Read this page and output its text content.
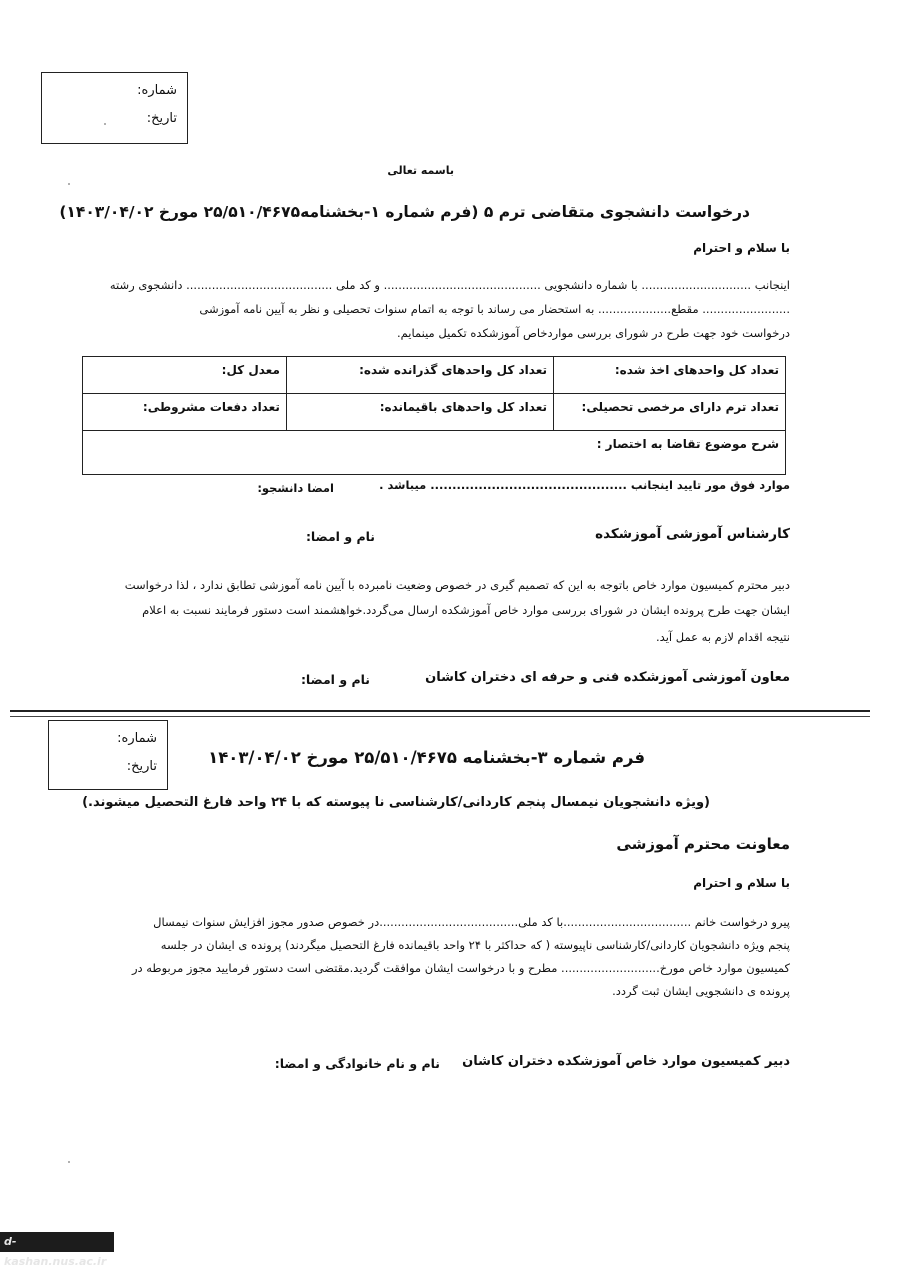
شماره:
تاریخ:
باسمه تعالی
درخواست دانشجوی متقاضی ترم ۵ (فرم شماره ۱-بخشنامه۲۵/۵۱۰/۴۶۷۵ مورخ ۱۴۰۳/۰۴/۰۲)
با سلام و احترام
اینجانب .............................. با شماره دانشجویی ........................................... و کد ملی ........................................ دانشجوی رشته
........................ مقطع.................... به استحضار می رساند با توجه به اتمام سنوات تحصیلی و نظر به آیین نامه آموزشی
درخواست خود جهت طرح در شورای بررسی مواردخاص آموزشکده تکمیل مینمایم.
تعداد کل واحدهای اخذ شده:	تعداد کل واحدهای گذرانده شده:	معدل کل:
تعداد ترم دارای مرخصی تحصیلی:	تعداد کل واحدهای باقیمانده:	تعداد دفعات مشروطی:
شرح موضوع تقاضا به اختصار :		
موارد فوق مور تایید اینجانب ............................................. میباشد .
امضا دانشجو:
کارشناس آموزشی آموزشکده
نام و امضا:
دبیر محترم کمیسیون موارد خاص باتوجه به این که تصمیم گیری در خصوص وضعیت نامبرده با آیین نامه آموزشی تطابق ندارد ، لذا درخواست
ایشان جهت طرح پرونده ایشان در شورای بررسی موارد خاص آموزشکده ارسال می‌گردد.خواهشمند است دستور فرمایند نسبت به اعلام
نتیجه اقدام لازم به عمل آید.
معاون آموزشی آموزشکده فنی و حرفه ای دختران کاشان
نام و امضا:
شماره:
تاریخ:	فرم شماره ۳-بخشنامه ۲۵/۵۱۰/۴۶۷۵ مورخ ۱۴۰۳/۰۴/۰۲
(ویژه دانشجویان نیمسال پنجم کاردانی/کارشناسی نا پیوسته که با ۲۴ واحد فارغ التحصیل میشوند.)
معاونت محترم آموزشی
با سلام و احترام
پیرو درخواست خانم ...................................با کد ملی......................................در خصوص صدور مجوز افزایش سنوات نیمسال
پنجم ویژه دانشجویان کاردانی/کارشناسی ناپیوسته ( که حداکثر با ۲۴ واحد باقیمانده فارغ التحصیل میگردند) پرونده ی ایشان در جلسه
کمیسیون موارد خاص مورخ........................... مطرح و با درخواست ایشان موافقت گردید.مقتضی است دستور فرمایید مجوز مربوطه در
پرونده ی دانشجویی ایشان ثبت گردد.
دبیر کمیسیون موارد خاص آموزشکده دختران کاشان
نام و نام خانوادگی و امضا:
d-kashan.nus.ac.ir
